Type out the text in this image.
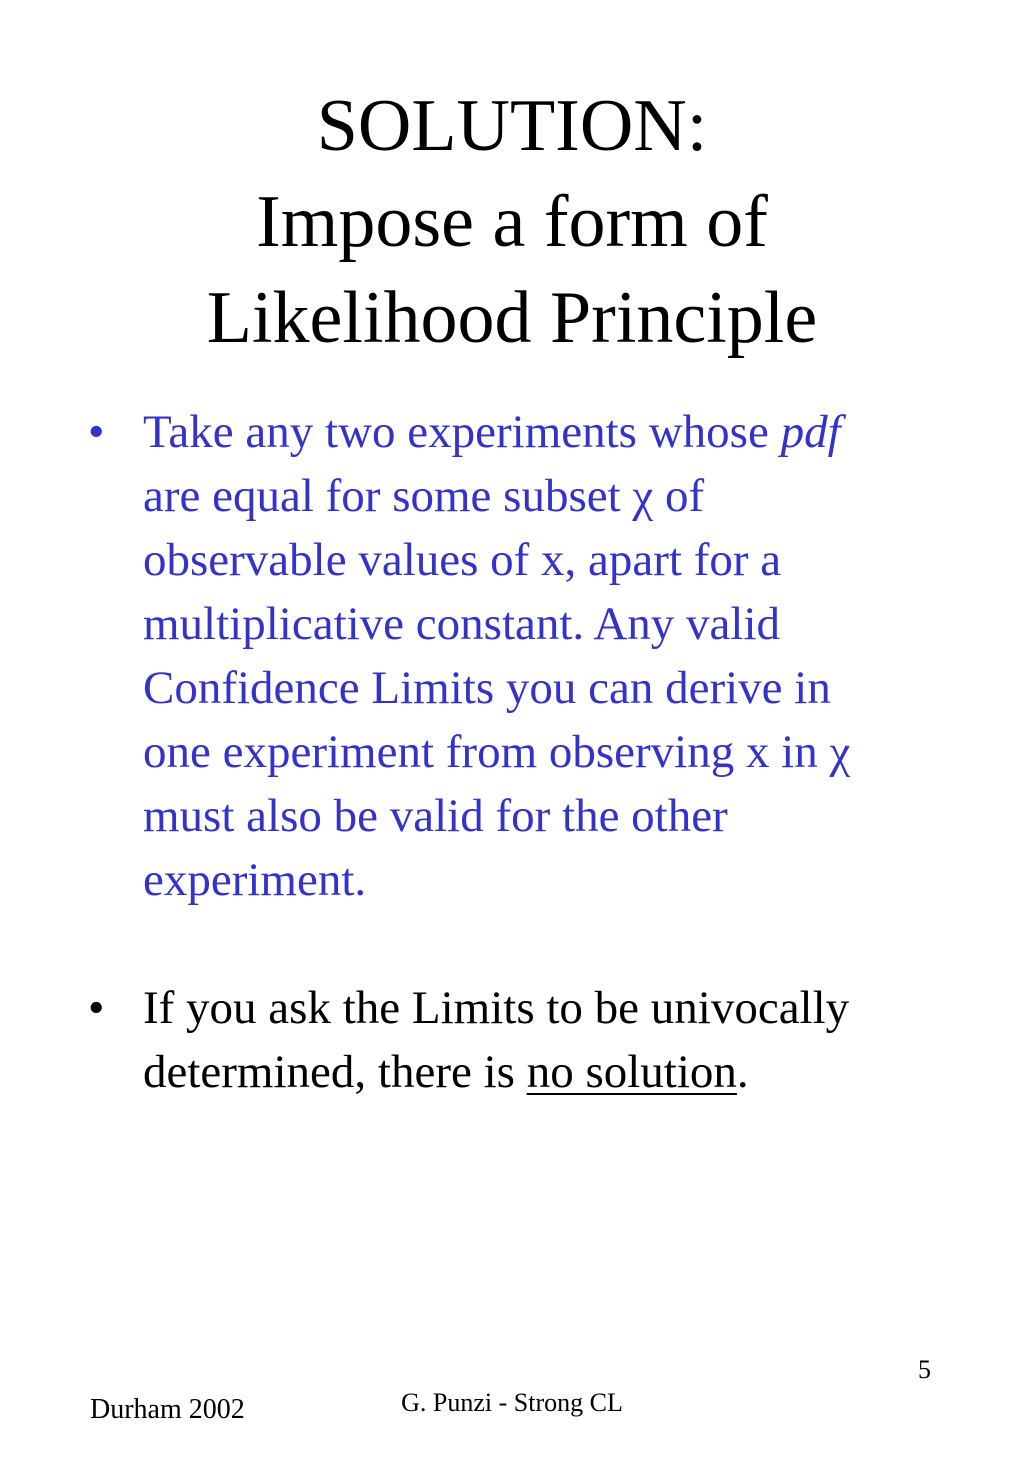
SOLUTION:
Impose a form of
Likelihood Principle
• Take any two experiments whose pdf
are equal for some subset χ of
observable values of x, apart for a
multiplicative constant. Any valid
Confidence Limits you can derive in
one experiment from observing x in χ
must also be valid for the other
experiment.
• If you ask the Limits to be univocally
determined, there is no solution.
5
Durham 2002	G. Punzi - Strong CL
